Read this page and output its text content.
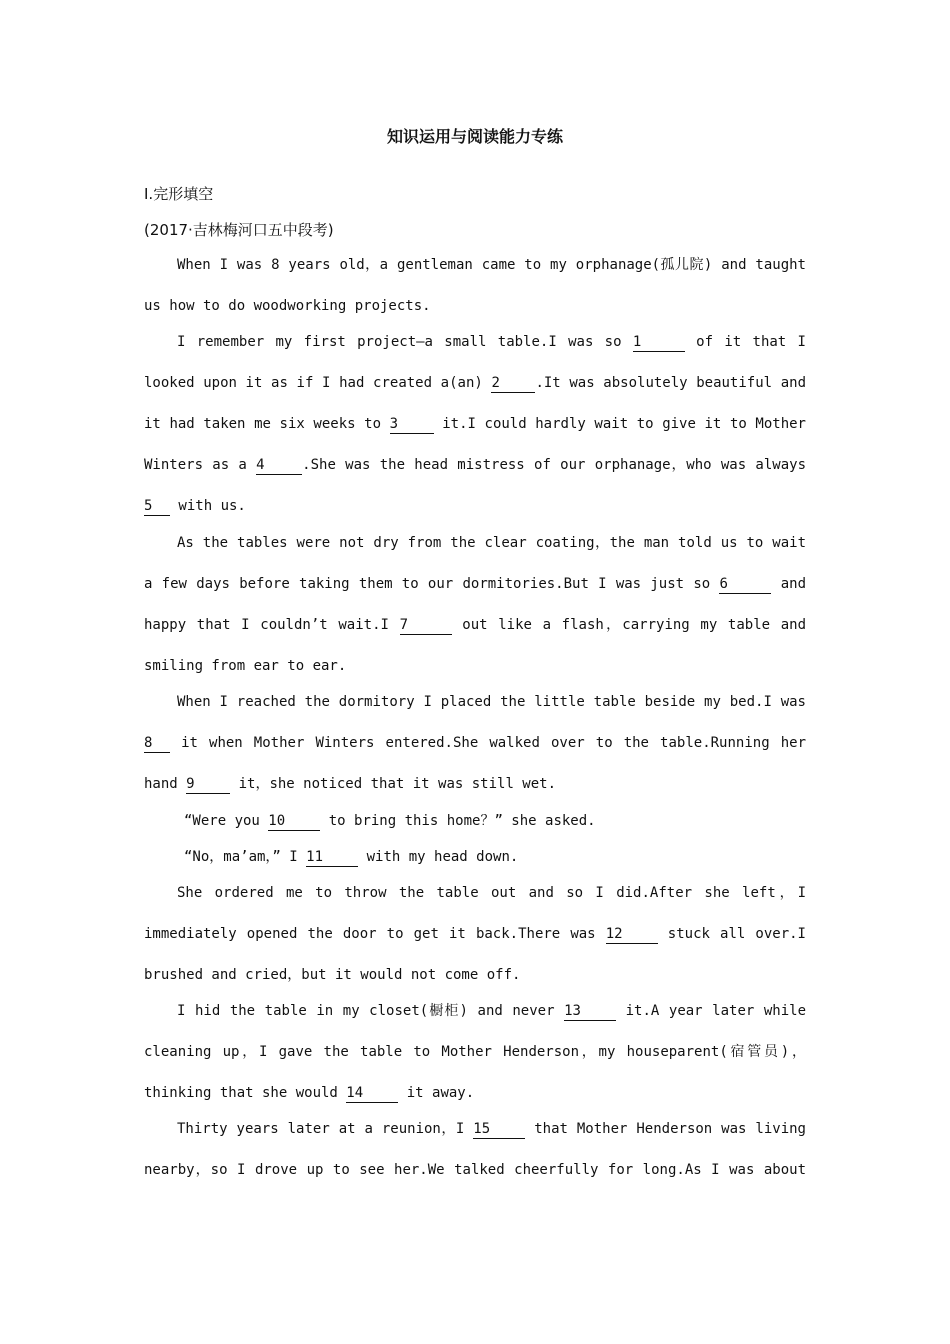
知识运用与阅读能力专练
Ⅰ.完形填空
(2017·吉林梅河口五中段考)
When I was 8 years old，a gentleman came to my orphanage(孤儿院) and taught
us how to do woodworking projects.
I remember my first project—a small table.I was so 1	of it that I
looked upon it as if I had created a(an) 2	.It was absolutely beautiful and
it had taken me six weeks to 3	it.I could hardly wait to give it to Mother
Winters as a 4	.She was the head mistress of our orphanage，who was always
5 with us.
As the tables were not dry from the clear coating，the man told us to wait
a few days before taking them to our dormitories.But I was just so 6	and
happy that I couldn’t wait.I 7	out like a flash，carrying my table and
smiling from ear to ear.
When I reached the dormitory I placed the little table beside my bed.I was
8 it when Mother Winters entered.She walked over to the table.Running her
hand 9	it，she noticed that it was still wet.
“Were you 10	to bring this home？” she asked.
“No，ma’am，” I 11	with my head down.
She ordered me to throw the table out and so I did.After she left，I
immediately opened the door to get it back.There was 12	stuck all over.I
brushed and cried，but it would not come off.
I hid the table in my closet(橱柜) and never 13	it.A year later while
cleaning up，I gave the table to Mother Henderson，my houseparent(宿管员)，
thinking that she would 14	it away.
Thirty years later at a reunion，I 15	that Mother Henderson was living
nearby，so I drove up to see her.We talked cheerfully for long.As I was about
